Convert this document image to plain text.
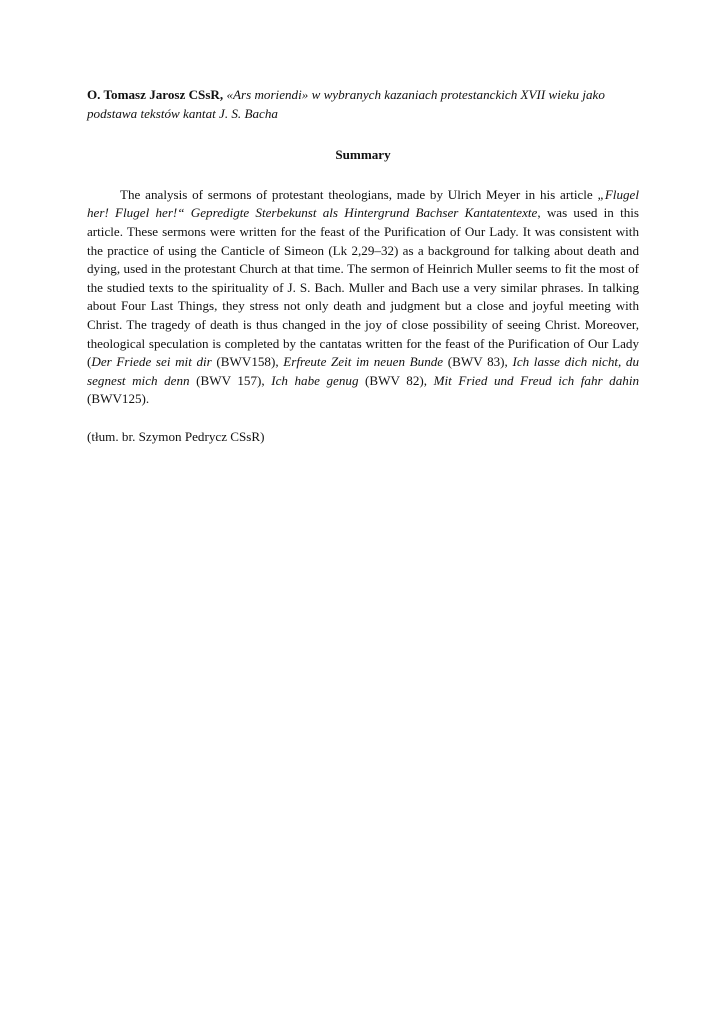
O. Tomasz Jarosz CSsR, «Ars moriendi» w wybranych kazaniach protestanckich XVII wieku jako podstawa tekstów kantat J. S. Bacha

Summary

The analysis of sermons of protestant theologians, made by Ulrich Meyer in his article „Flugel her! Flugel her!“ Gepredigte Sterbekunst als Hintergrund Bachser Kantatentexte, was used in this article. These sermons were written for the feast of the Purification of Our Lady. It was consistent with the practice of using the Canticle of Simeon (Lk 2,29–32) as a background for talking about death and dying, used in the protestant Church at that time. The sermon of Heinrich Muller seems to fit the most of the studied texts to the spirituality of J. S. Bach. Muller and Bach use a very similar phrases. In talking about Four Last Things, they stress not only death and judgment but a close and joyful meeting with Christ. The tragedy of death is thus changed in the joy of close possibility of seeing Christ. Moreover, theological speculation is completed by the cantatas written for the feast of the Purification of Our Lady (Der Friede sei mit dir (BWV158), Erfreute Zeit im neuen Bunde (BWV 83), Ich lasse dich nicht, du segnest mich denn (BWV 157), Ich habe genug (BWV 82), Mit Fried und Freud ich fahr dahin (BWV125).

(tłum. br. Szymon Pedrycz CSsR)
